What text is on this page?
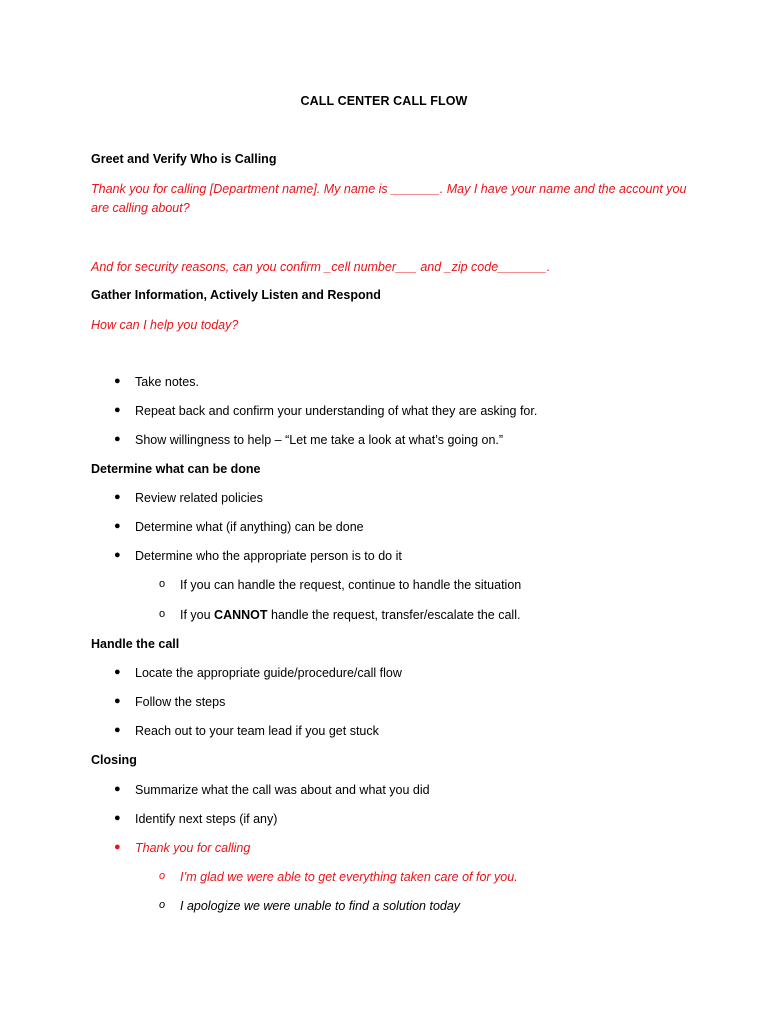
CALL CENTER CALL FLOW
Greet and Verify Who is Calling
Thank you for calling [Department name]. My name is _______. May I have your name and the account you are calling about?
And for security reasons, can you confirm _cell number___ and _zip code_______.
Gather Information, Actively Listen and Respond
How can I help you today?
●	Take notes.
●	Repeat back and confirm your understanding of what they are asking for.
●	Show willingness to help – “Let me take a look at what’s going on.”
Determine what can be done
●	Review related policies
●	Determine what (if anything) can be done
●	Determine who the appropriate person is to do it
o If you can handle the request, continue to handle the situation
o If you CANNOT handle the request, transfer/escalate the call.
Handle the call
●	Locate the appropriate guide/procedure/call flow
●	Follow the steps
●	Reach out to your team lead if you get stuck
Closing
●	Summarize what the call was about and what you did
●	Identify next steps (if any)
●	Thank you for calling
o I’m glad we were able to get everything taken care of for you.
o I apologize we were unable to find a solution today
